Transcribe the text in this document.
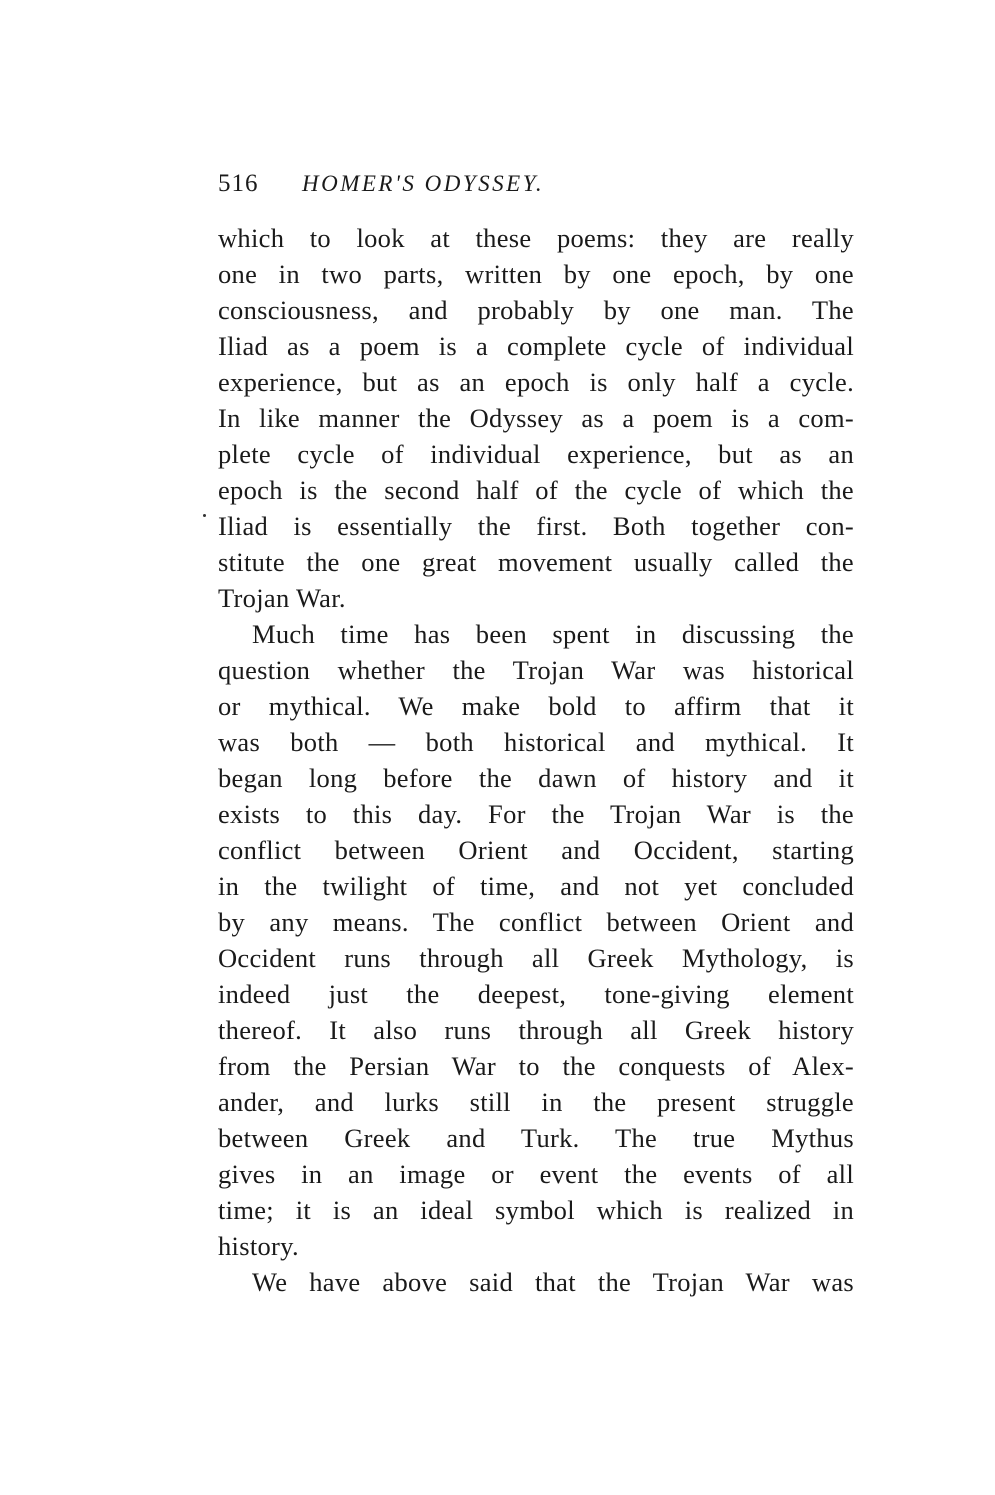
516 HOMER'S ODYSSEY.
which to look at these poems: they are really
one in two parts, written by one epoch, by one
consciousness, and probably by one man. The
Iliad as a poem is a complete cycle of individual
experience, but as an epoch is only half a cycle.
In like manner the Odyssey as a poem is a com-
plete cycle of individual experience, but as an
epoch is the second half of the cycle of which the
Iliad is essentially the first. Both together con-
stitute the one great movement usually called the
Trojan War.
Much time has been spent in discussing the
question whether the Trojan War was historical
or mythical. We make bold to affirm that it
was both — both historical and mythical. It
began long before the dawn of history and it
exists to this day. For the Trojan War is the
conflict between Orient and Occident, starting
in the twilight of time, and not yet concluded
by any means. The conflict between Orient and
Occident runs through all Greek Mythology, is
indeed just the deepest, tone-giving element
thereof. It also runs through all Greek history
from the Persian War to the conquests of Alex-
ander, and lurks still in the present struggle
between Greek and Turk. The true Mythus
gives in an image or event the events of all
time; it is an ideal symbol which is realized in
history.
We have above said that the Trojan War was
